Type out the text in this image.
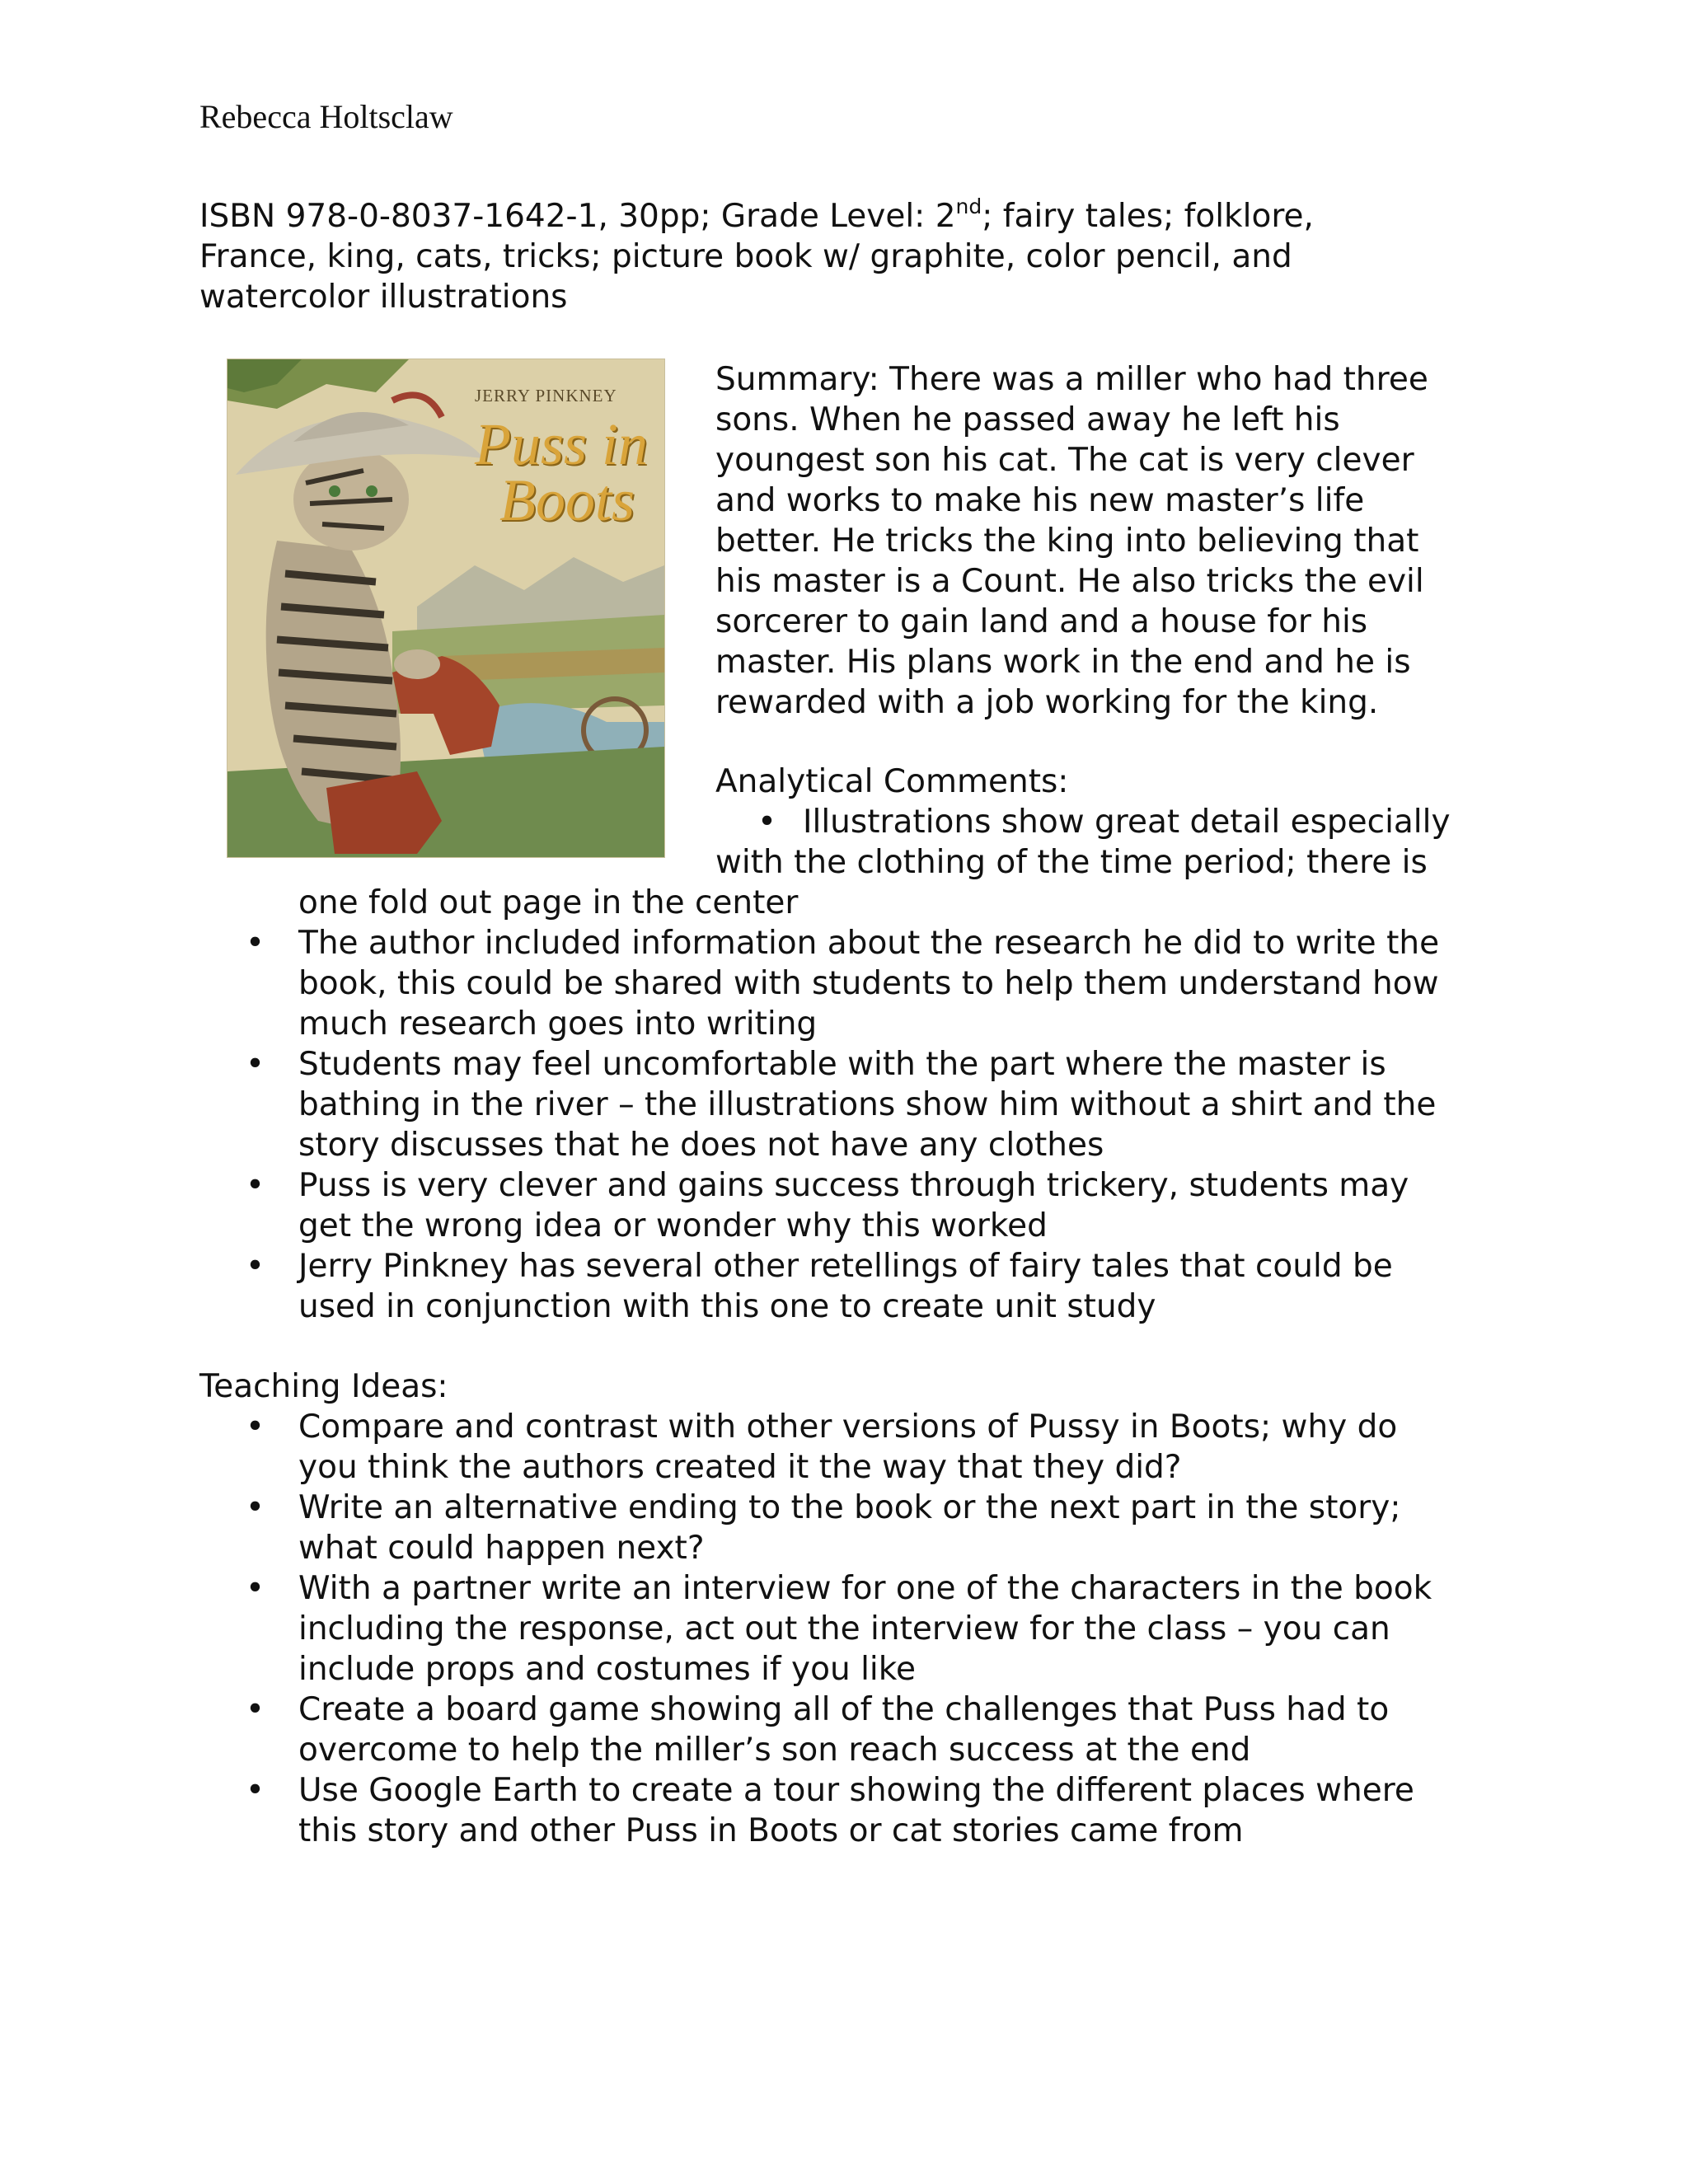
Rebecca Holtsclaw
ISBN 978-0-8037-1642-1, 30pp; Grade Level: 2nd; fairy tales; folklore,
France, king, cats, tricks; picture book w/ graphite, color pencil, and
watercolor illustrations
JERRY PINKNEY
Puss in
Boots
Summary: There was a miller who had three
sons. When he passed away he left his
youngest son his cat. The cat is very clever
and works to make his new master’s life
better. He tricks the king into believing that
his master is a Count. He also tricks the evil
sorcerer to gain land and a house for his
master. His plans work in the end and he is
rewarded with a job working for the king.
Analytical Comments:
• Illustrations show great detail especially
with the clothing of the time period; there is
one fold out page in the center
• The author included information about the research he did to write the
book, this could be shared with students to help them understand how
much research goes into writing
• Students may feel uncomfortable with the part where the master is
bathing in the river – the illustrations show him without a shirt and the
story discusses that he does not have any clothes
• Puss is very clever and gains success through trickery, students may
get the wrong idea or wonder why this worked
• Jerry Pinkney has several other retellings of fairy tales that could be
used in conjunction with this one to create unit study
Teaching Ideas:
• Compare and contrast with other versions of Pussy in Boots; why do
you think the authors created it the way that they did?
• Write an alternative ending to the book or the next part in the story;
what could happen next?
• With a partner write an interview for one of the characters in the book
including the response, act out the interview for the class – you can
include props and costumes if you like
• Create a board game showing all of the challenges that Puss had to
overcome to help the miller’s son reach success at the end
• Use Google Earth to create a tour showing the different places where
this story and other Puss in Boots or cat stories came from
